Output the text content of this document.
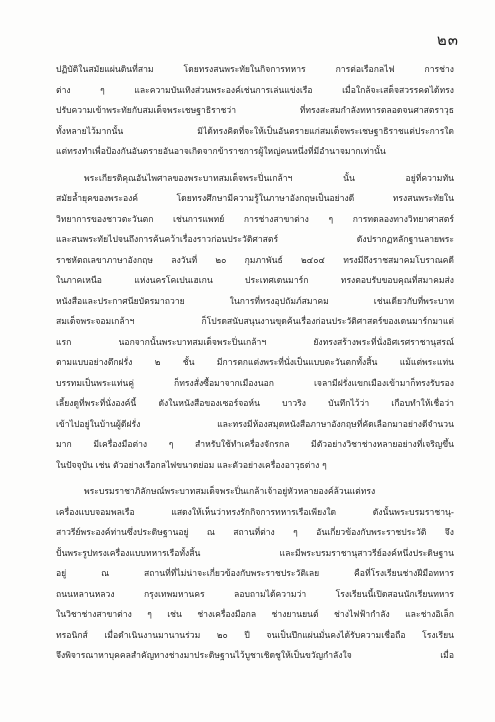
๒๓
ปฏิบัติในสมัยแผ่นดินที่สาม โดยทรงสนพระทัยในกิจการทหาร การต่อเรือกลไฟ การช่าง
ต่าง ๆ และความบันเทิงส่วนพระองค์เช่นการเล่นแข่งเรือ เมื่อใกล้จะเสด็จสวรรคตได้ทรง
ปรับความเข้าพระทัยกับสมเด็จพระเชษฐาธิราชว่า ที่ทรงสะสมกำลังทหารตลอดจนศาสตราวุธ
ทั้งหลายไว้มากนั้น มิได้ทรงคิดที่จะให้เป็นอันตรายแก่สมเด็จพระเชษฐาธิราชแต่ประการใด
แต่ทรงทำเพื่อป้องกันอันตรายอันอาจเกิดจากข้าราชการผู้ใหญ่คนหนึ่งที่มีอำนาจมากเท่านั้น
พระเกียรติคุณอันไพศาลของพระบาทสมเด็จพระปิ่นเกล้าฯ นั้น อยู่ที่ความทัน
สมัยล้ำยุคของพระองค์ โดยทรงศึกษามีความรู้ในภาษาอังกฤษเป็นอย่างดี ทรงสนพระทัยใน
วิทยาการของชาวตะวันตก เช่นการแพทย์ การช่างสาขาต่าง ๆ การทดลองทางวิทยาศาสตร์
และสนพระทัยไปจนถึงการค้นคว้าเรื่องราวก่อนประวัติศาสตร์ ดังปรากฏหลักฐานลายพระ
ราชหัตถเลขาภาษาอังกฤษ ลงวันที่ ๒๐ กุมภาพันธ์ ๒๔๐๔ ทรงมีถึงราชสมาคมโบราณคดี
ในภาคเหนือ แห่งนครโคเปนเฮเกน ประเทศเดนมาร์ก ทรงตอบรับขอบคุณที่สมาคมส่ง
หนังสือและประกาศนียบัตรมาถวาย ในการที่ทรงอุปถัมภ์สมาคม เช่นเดียวกับที่พระบาท
สมเด็จพระจอมเกล้าฯ ก็โปรดสนับสนุนงานขุดค้นเรื่องก่อนประวัติศาสตร์ของเดนมาร์กมาแต่
แรก นอกจากนั้นพระบาทสมเด็จพระปิ่นเกล้าฯ ยังทรงสร้างพระที่นั่งอิศเรศราชานุสรณ์
ตามแบบอย่างตึกฝรั่ง ๒ ชั้น มีการตกแต่งพระที่นั่งเป็นแบบตะวันตกทั้งสิ้น แม้แต่พระแท่น
บรรทมเป็นพระแท่นคู่ ก็ทรงสั่งซื้อมาจากเมืองนอก เจลามีฝรั่งแขกเมืองเข้ามาก็ทรงรับรอง
เลี้ยงดูที่พระที่นั่งองค์นี้ ดังในหนังสือของเซอร์จอห์น บาวริง บันทึกไว้ว่า เกือบทำให้เชื่อว่า
เข้าไปอยู่ในบ้านผู้ดีฝรั่ง และทรงมีห้องสมุดหนังสือภาษาอังกฤษที่คัดเลือกมาอย่างดีจำนวน
มาก มีเครื่องมือต่าง ๆ สำหรับใช้ทำเครื่องจักรกล มีตัวอย่างวิชาช่างหลายอย่างที่เจริญขึ้น
ในปัจจุบัน เช่น ตัวอย่างเรือกลไฟขนาดย่อม และตัวอย่างเครื่องอาวุธต่าง ๆ
พระบรมราชาภิลักษณ์พระบาทสมเด็จพระปิ่นเกล้าเจ้าอยู่หัวหลายองค์ล้วนแต่ทรง
เครื่องแบบจอมพลเรือ แสดงให้เห็นว่าทรงรักกิจการทหารเรือเพียงใด ดังนั้นพระบรมราชานุ-
สาวรีย์พระองค์ท่านซึ่งประดิษฐานอยู่ ณ สถานที่ต่าง ๆ อันเกี่ยวข้องกับพระราชประวัติ จึง
ปั้นพระรูปทรงเครื่องแบบทหารเรือทั้งสิ้น และมีพระบรมราชานุสาวรีย์องค์หนึ่งประดิษฐาน
อยู่ ณ สถานที่ที่ไม่น่าจะเกี่ยวข้องกับพระราชประวัติเลย คือที่โรงเรียนช่างฝีมือทหาร
ถนนหลานหลวง กรุงเทพมหานคร ลอบถามได้ความว่า โรงเรียนนี้เปิดสอนนักเรียนทหาร
ในวิชาช่างสาขาต่าง ๆ เช่น ช่างเครื่องมือกล ช่างยานยนต์ ช่างไฟฟ้ากำลัง และช่างอิเล็ก
ทรอนิกส์ เมื่อดำเนินงานมานานร่วม ๒๐ ปี จนเป็นปึกแผ่นมั่นคงได้รับความเชื่อถือ โรงเรียน
จึงพิจารณาหาบุคคลสำคัญทางช่างมาประดิษฐานไว้บูชาเชิดชูให้เป็นขวัญกำลังใจ เมื่อ
